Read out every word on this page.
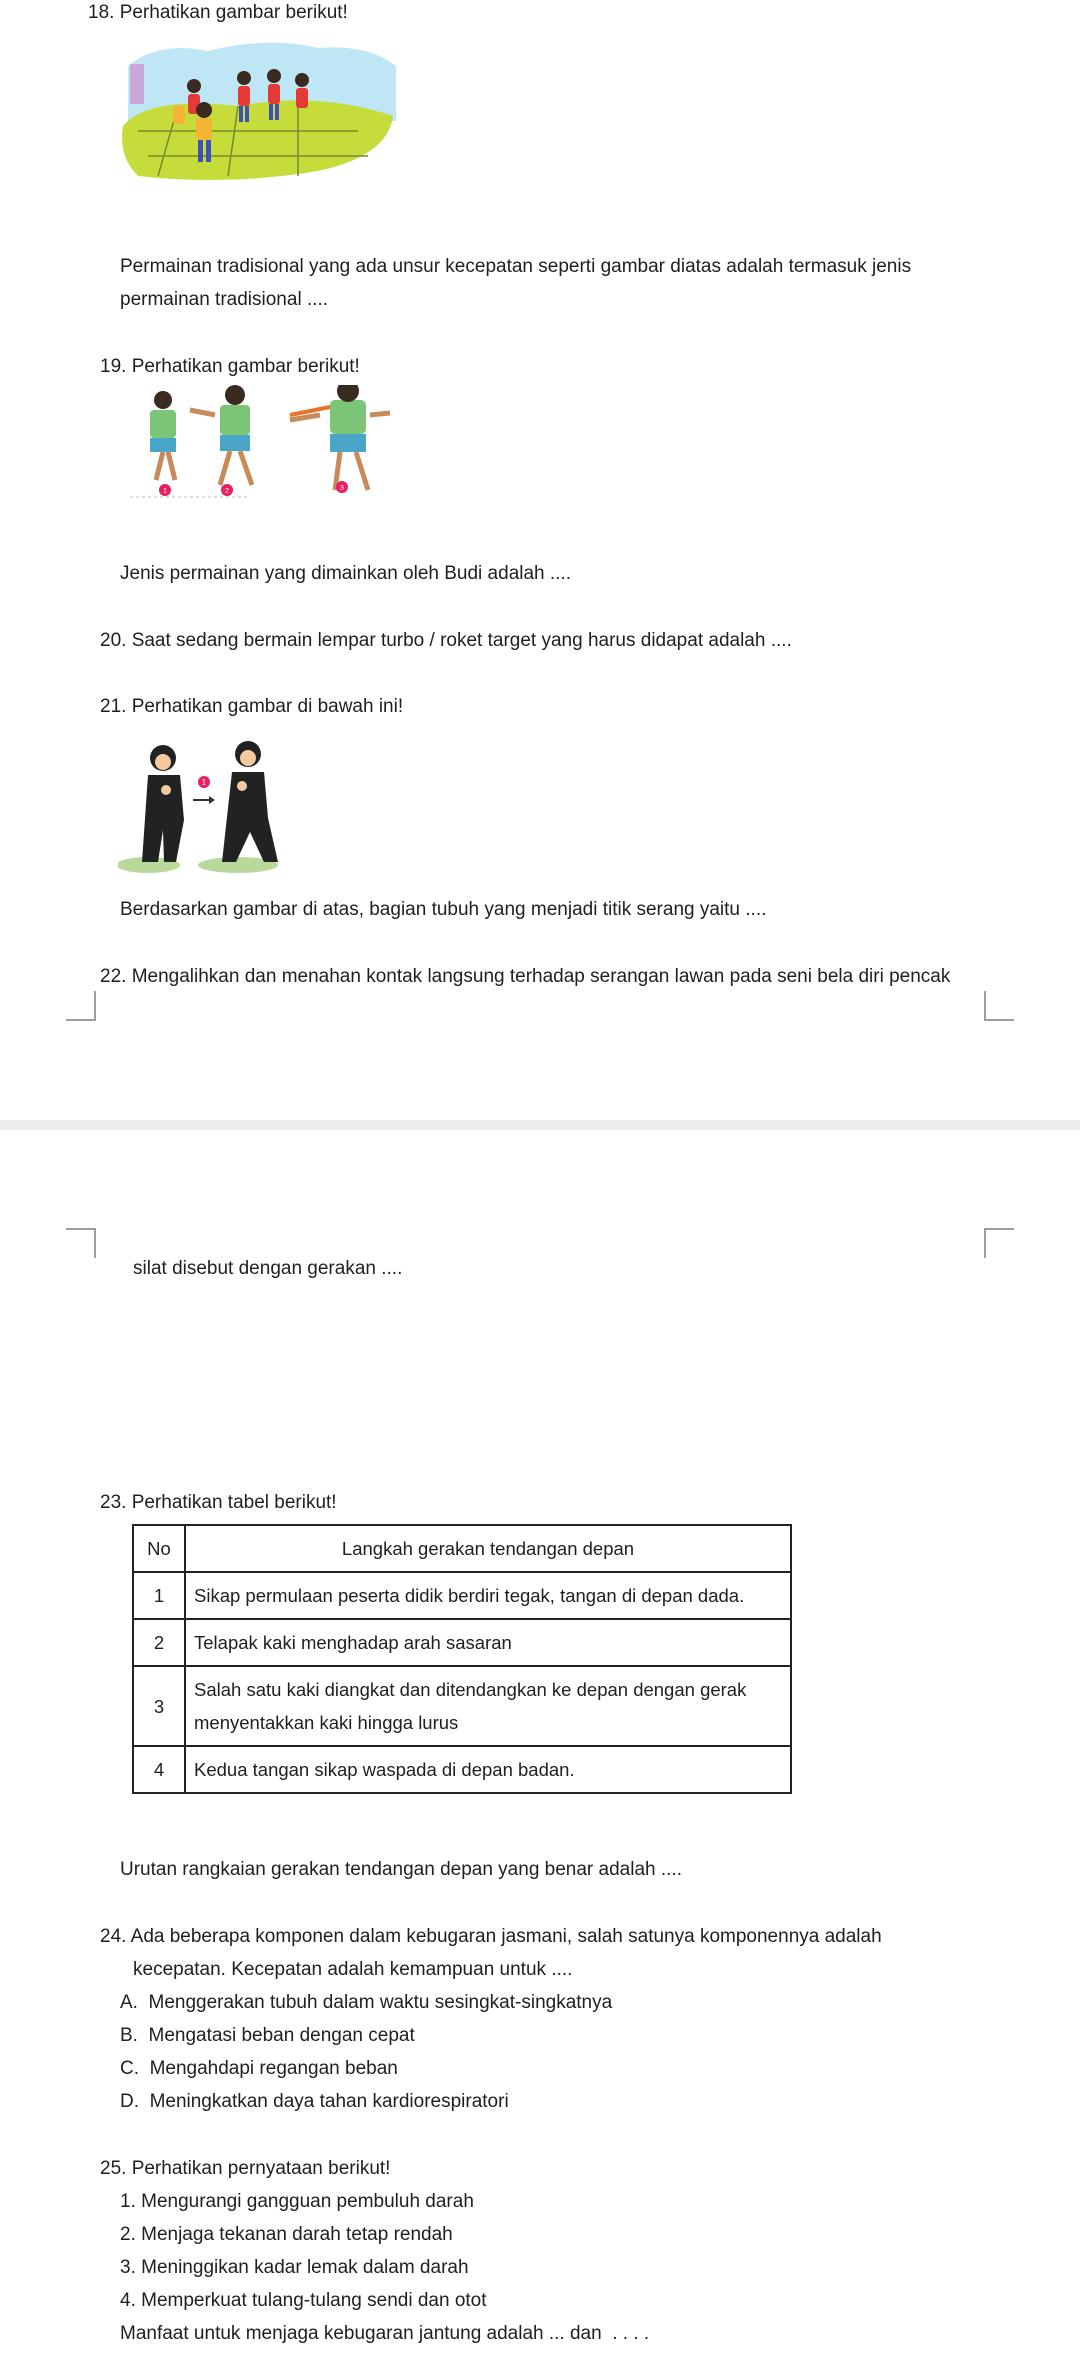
18. Perhatikan gambar berikut!
Permainan tradisional yang ada unsur kecepatan seperti gambar diatas adalah termasuk jenis
permainan tradisional ....
19. Perhatikan gambar berikut!
1	2	3
Jenis permainan yang dimainkan oleh Budi adalah ....
20. Saat sedang bermain lempar turbo / roket target yang harus didapat adalah ....
21. Perhatikan gambar di bawah ini!
1
Berdasarkan gambar di atas, bagian tubuh yang menjadi titik serang yaitu ....
22. Mengalihkan dan menahan kontak langsung terhadap serangan lawan pada seni bela diri pencak
silat disebut dengan gerakan ....
23. Perhatikan tabel berikut!
No	Langkah gerakan tendangan depan
1	Sikap permulaan peserta didik berdiri tegak, tangan di depan dada.
2	Telapak kaki menghadap arah sasaran
3	Salah satu kaki diangkat dan ditendangkan ke depan dengan gerak
menyentakkan kaki hingga lurus

4	Kedua tangan sikap waspada di depan badan.
Urutan rangkaian gerakan tendangan depan yang benar adalah ....
24. Ada beberapa komponen dalam kebugaran jasmani, salah satunya komponennya adalah
kecepatan. Kecepatan adalah kemampuan untuk ....
A. Menggerakan tubuh dalam waktu sesingkat-singkatnya
B. Mengatasi beban dengan cepat
C. Mengahdapi regangan beban
D. Meningkatkan daya tahan kardiorespiratori
25. Perhatikan pernyataan berikut!
1. Mengurangi gangguan pembuluh darah
2. Menjaga tekanan darah tetap rendah
3. Meninggikan kadar lemak dalam darah
4. Memperkuat tulang-tulang sendi dan otot
Manfaat untuk menjaga kebugaran jantung adalah ... dan  . . . .
